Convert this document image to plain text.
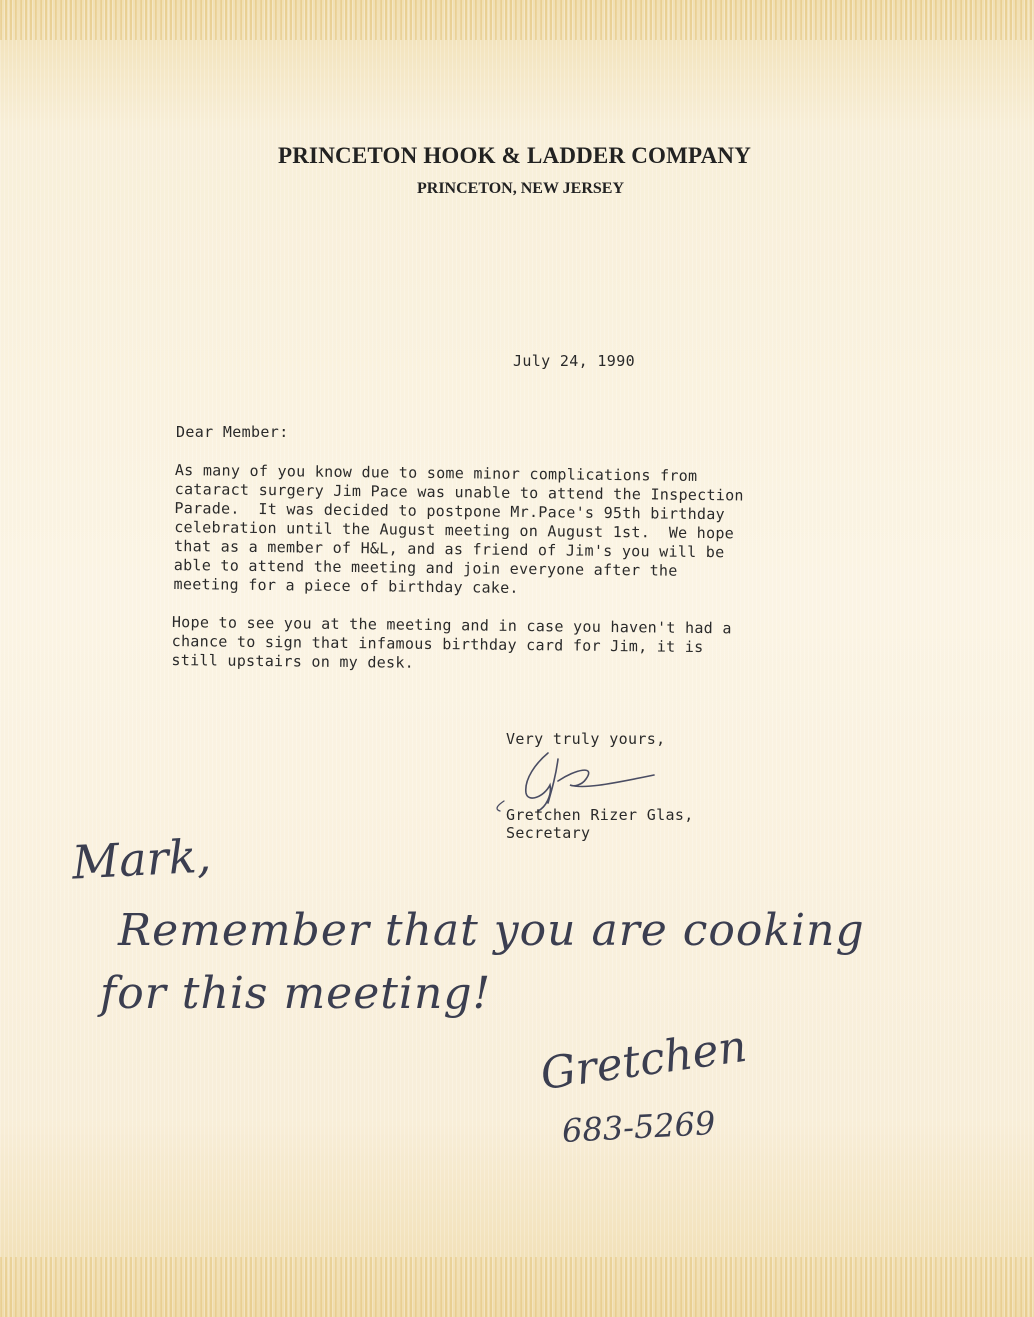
PRINCETON HOOK & LADDER COMPANY
PRINCETON, NEW JERSEY
July 24, 1990
Dear Member:
As many of you know due to some minor complications from
cataract surgery Jim Pace was unable to attend the Inspection
Parade.  It was decided to postpone Mr.Pace's 95th birthday
celebration until the August meeting on August 1st.  We hope
that as a member of H&L, and as friend of Jim's you will be
able to attend the meeting and join everyone after the
meeting for a piece of birthday cake.
Hope to see you at the meeting and in case you haven't had a
chance to sign that infamous birthday card for Jim, it is
still upstairs on my desk.
Very truly yours,
Gretchen Rizer Glas,
Secretary
Mark,
Remember that you are cooking
for this meeting!
Gretchen
683-5269
